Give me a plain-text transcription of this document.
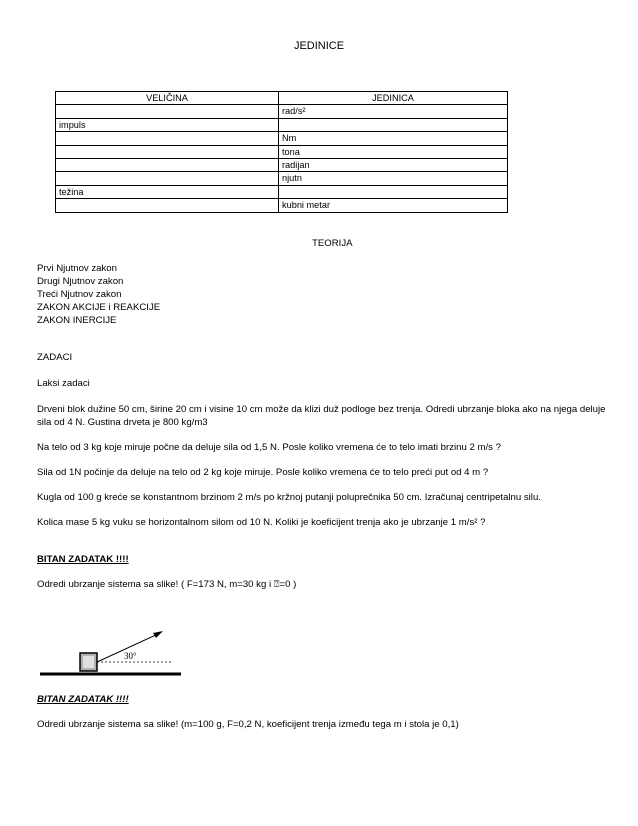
JEDINICE
VELIČINA	JEDINICA
	rad/s²
impuls	
	Nm
	tona
	radijan
	njutn
težina	
	kubni metar
TEORIJA
Prvi Njutnov zakon
Drugi Njutnov zakon
Treći Njutnov zakon
ZAKON AKCIJE i REAKCIJE
ZAKON INERCIJE
ZADACI
Laksi zadaci
Drveni blok dužine 50 cm, širine 20 cm i visine 10 cm može da klizi duž podloge bez trenja. Odredi ubrzanje bloka ako na njega deluje sila od 4 N. Gustina drveta je 800 kg/m3
Na telo od 3 kg koje miruje počne da deluje sila od 1,5 N. Posle koliko vremena će to telo imati brzinu 2 m/s ?
Sila od 1N počinje da deluje na telo od 2 kg koje miruje. Posle koliko vremena će to telo preći put od 4 m ?
Kugla od 100 g kreće se konstantnom brzinom 2 m/s po kržnoj putanji poluprečnika 50 cm. Izračunaj centripetalnu silu.
Kolica mase 5 kg vuku se horizontalnom silom od 10 N. Koliki je koeficijent trenja ako je ubrzanje 1 m/s² ?
BITAN ZADATAK !!!!
Odredi ubrzanje sistema sa slike! ( F=173 N, m=30 kg i ⍰=0 )
30°
BITAN ZADATAK !!!!
Odredi ubrzanje sistema sa slike! (m=100 g, F=0,2 N, koeficijent trenja između tega m i stola je 0,1)
